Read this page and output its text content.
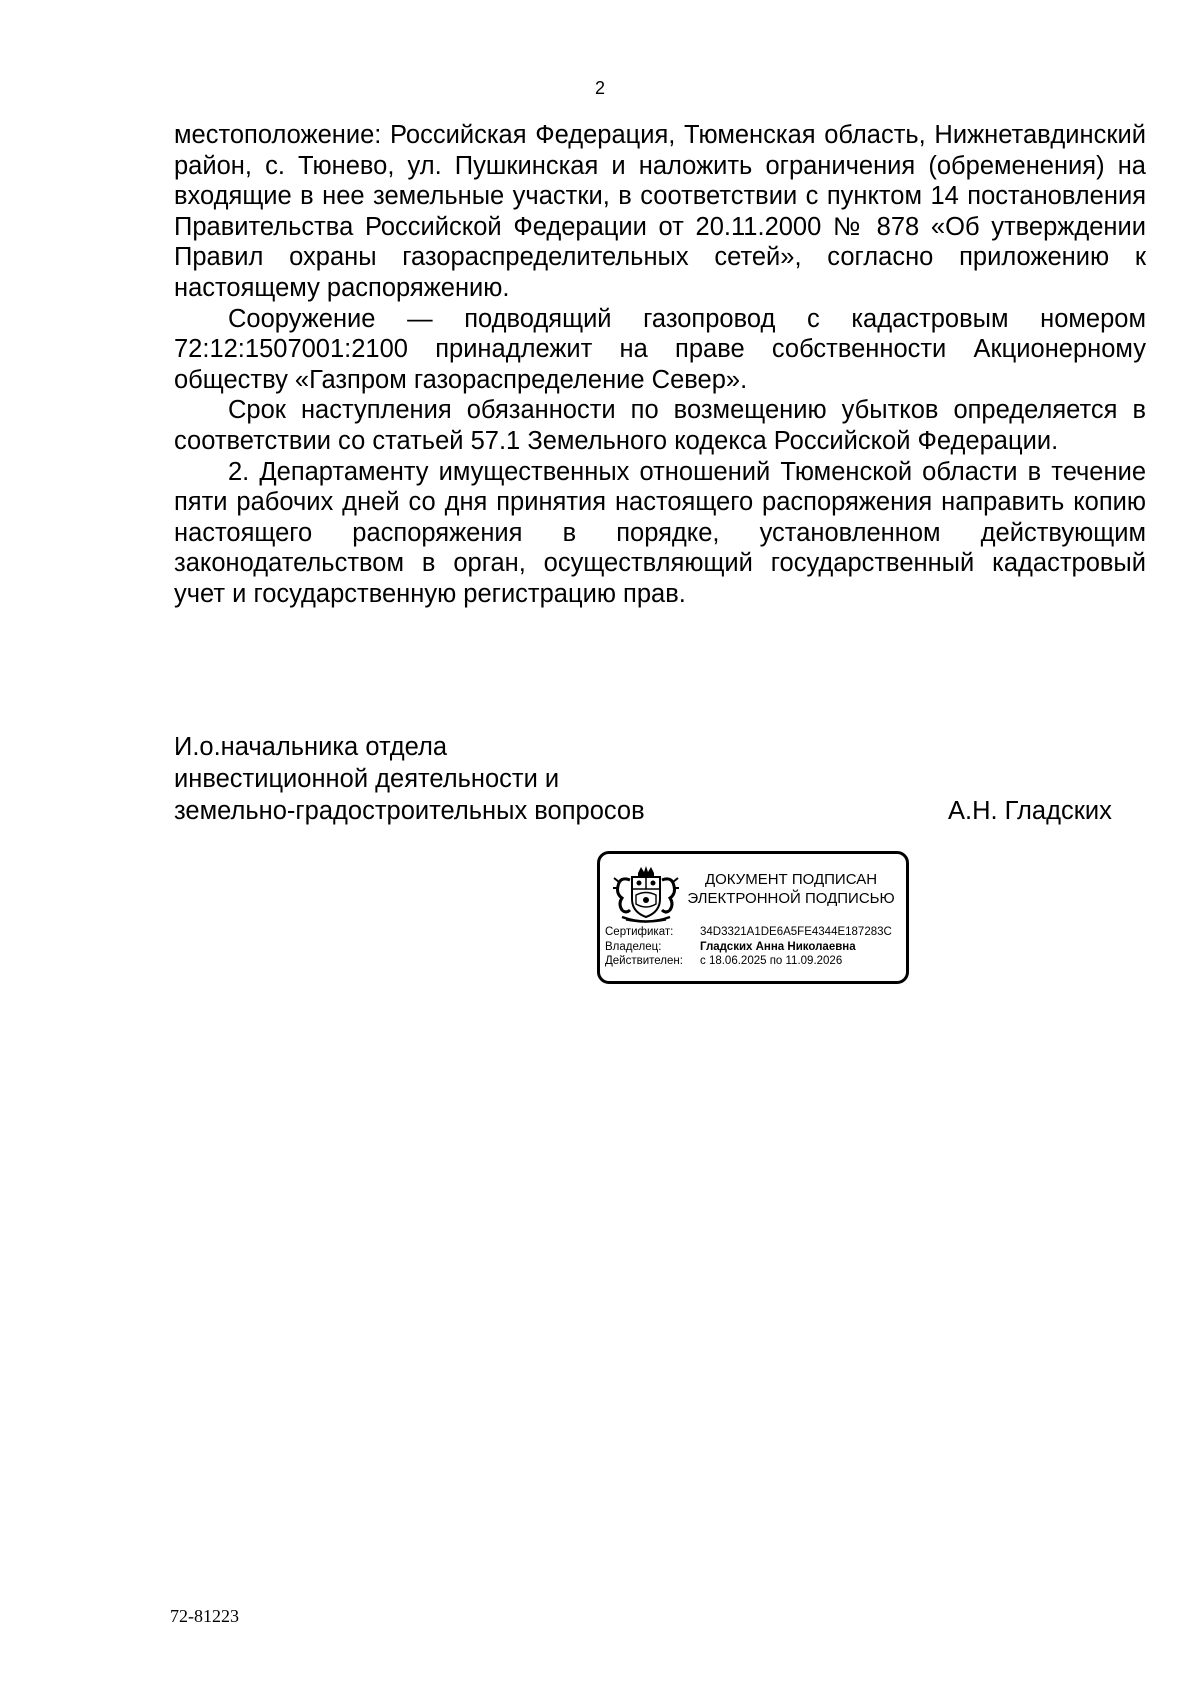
2

местоположение: Российская Федерация, Тюменская область, Нижнетавдинский район, с. Тюнево, ул. Пушкинская и наложить ограничения (обременения) на входящие в нее земельные участки, в соответствии с пунктом 14 постановления Правительства Российской Федерации от 20.11.2000 № 878 «Об утверждении Правил охраны газораспределительных сетей», согласно приложению к настоящему распоряжению.

Сооружение — подводящий газопровод с кадастровым номером 72:12:1507001:2100 принадлежит на праве собственности Акционерному обществу «Газпром газораспределение Север».

Срок наступления обязанности по возмещению убытков определяется в соответствии со статьей 57.1 Земельного кодекса Российской Федерации.

2. Департаменту имущественных отношений Тюменской области в течение пяти рабочих дней со дня принятия настоящего распоряжения направить копию настоящего распоряжения в порядке, установленном действующим законодательством в орган, осуществляющий государственный кадастровый учет и государственную регистрацию прав.

И.о.начальника отдела
инвестиционной деятельности и
земельно-градостроительных вопросов	А.Н. Гладских
ДОКУМЕНТ ПОДПИСАН
ЭЛЕКТРОННОЙ ПОДПИСЬЮ
Сертификат:	34D3321A1DE6A5FE4344E187283C
Владелец:	Гладских Анна Николаевна
Действителен:	с 18.06.2025 по 11.09.2026
72-81223
